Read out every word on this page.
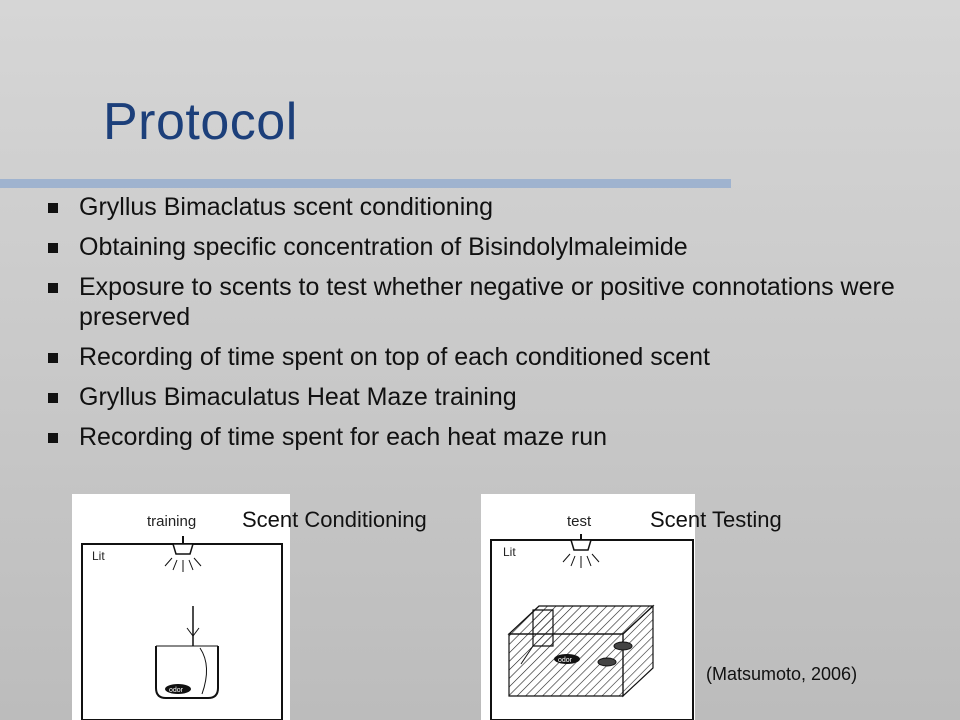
Protocol
Gryllus Bimaclatus scent conditioning
Obtaining specific concentration of Bisindolylmaleimide
Exposure to scents to test whether negative or positive connotations were preserved
Recording of time spent on top of each conditioned scent
Gryllus Bimaculatus Heat Maze training
Recording of time spent for each heat maze run
training
Lit
odor
test
Lit
odor
Scent Conditioning	Scent Testing
(Matsumoto, 2006)
